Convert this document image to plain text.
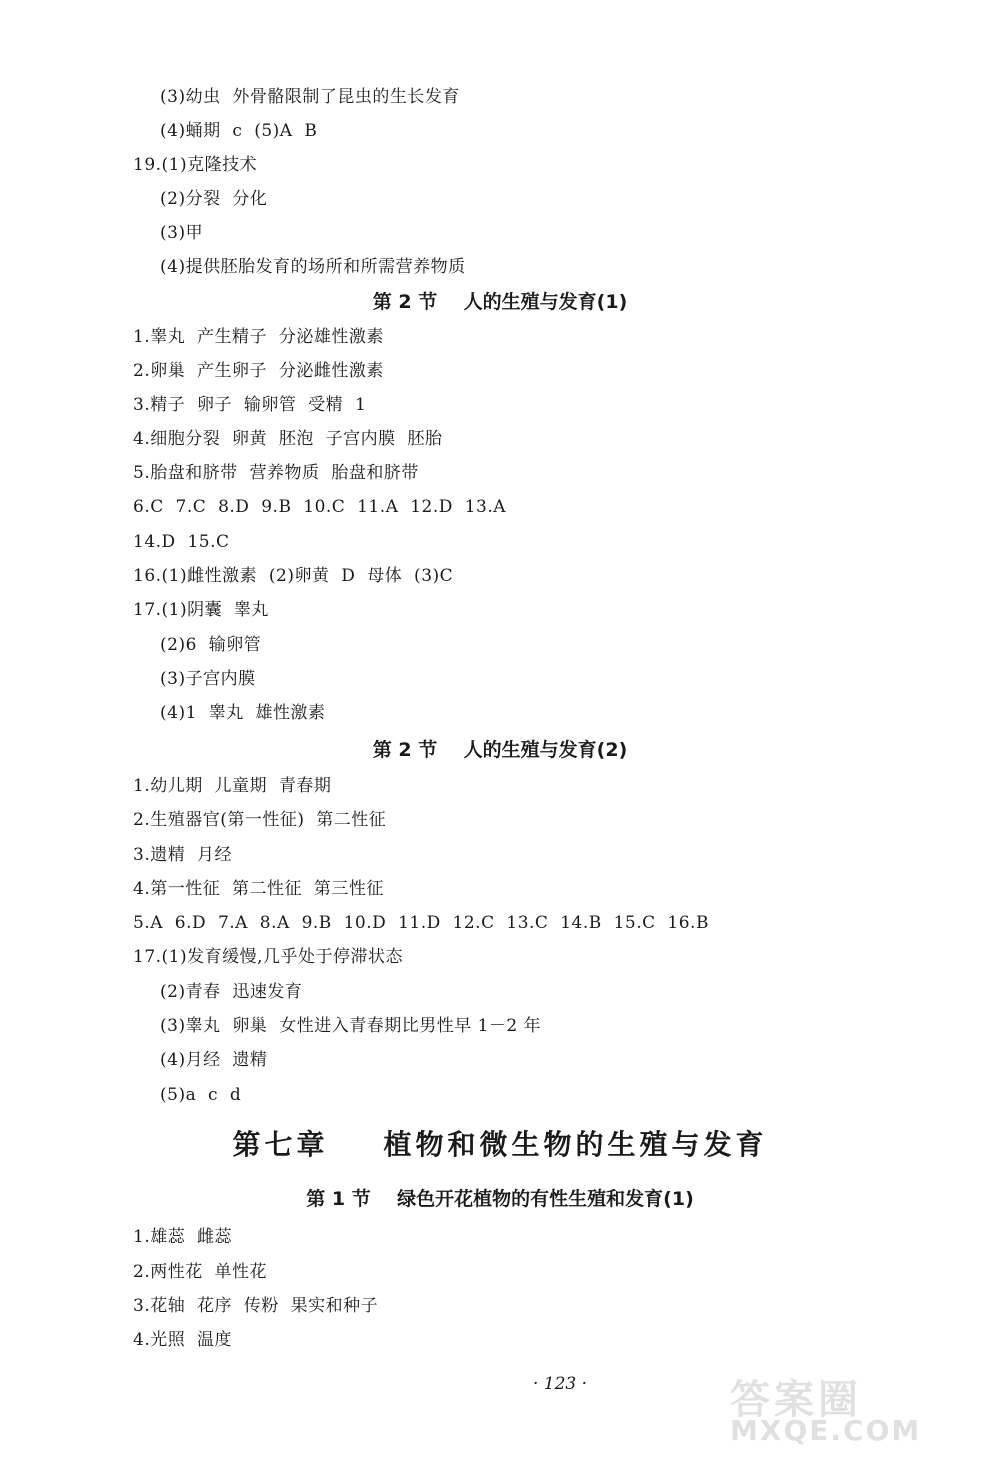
(3)幼虫  外骨骼限制了昆虫的生长发育
(4)蛹期  c  (5)A  B
19.(1)克隆技术
(2)分裂  分化
(3)甲
(4)提供胚胎发育的场所和所需营养物质
第 2 节    人的生殖与发育(1)
1.睾丸  产生精子  分泌雄性激素
2.卵巢  产生卵子  分泌雌性激素
3.精子  卵子  输卵管  受精  1
4.细胞分裂  卵黄  胚泡  子宫内膜  胚胎
5.胎盘和脐带  营养物质  胎盘和脐带
6.C  7.C  8.D  9.B  10.C  11.A  12.D  13.A
14.D  15.C
16.(1)雌性激素  (2)卵黄  D  母体  (3)C
17.(1)阴囊  睾丸
(2)6  输卵管
(3)子宫内膜
(4)1  睾丸  雄性激素
第 2 节    人的生殖与发育(2)
1.幼儿期  儿童期  青春期
2.生殖器官(第一性征)  第二性征
3.遗精  月经
4.第一性征  第二性征  第三性征
5.A  6.D  7.A  8.A  9.B  10.D  11.D  12.C  13.C  14.B  15.C  16.B
17.(1)发育缓慢,几乎处于停滞状态
(2)青春  迅速发育
(3)睾丸  卵巢  女性进入青春期比男性早 1－2 年
(4)月经  遗精
(5)a  c  d
第七章    植物和微生物的生殖与发育
第 1 节    绿色开花植物的有性生殖和发育(1)
1.雄蕊  雌蕊
2.两性花  单性花
3.花轴  花序  传粉  果实和种子
4.光照  温度
· 123 ·	答案圈
MXQE.COM
